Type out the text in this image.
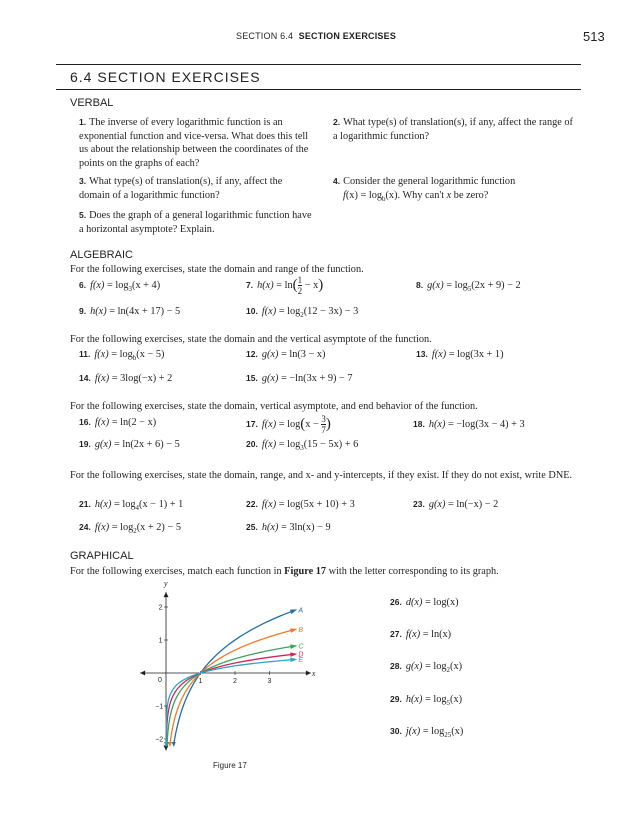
SECTION 6.4 SECTION EXERCISES	513
6.4 SECTION EXERCISES
VERBAL
1. The inverse of every logarithmic function is an exponential function and vice-versa. What does this tell us about the relationship between the coordinates of the points on the graphs of each?
2. What type(s) of translation(s), if any, affect the range of a logarithmic function?
3. What type(s) of translation(s), if any, affect the domain of a logarithmic function?
4. Consider the general logarithmic function
$f(x) = \log_b(x)$. Why can't x be zero?
5. Does the graph of a general logarithmic function have a horizontal asymptote? Explain.
ALGEBRAIC
For the following exercises, state the domain and range of the function.
6. $f(x) = \log_3(x + 4)$	7. $h(x) = \ln( \frac{1}{2} - x)$	8. $g(x) = \log_5(2x + 9) - 2$
9. h(x) = ln(4x + 17) − 5	10. $f(x) = \log_2(12 - 3x) - 3$
For the following exercises, state the domain and the vertical asymptote of the function.
11. $f(x) = \log_b(x - 5)$	12. g(x) = ln(3 − x)	13. f(x) = log(3x + 1)
14. f(x) = 3log(−x) + 2	15. g(x) = −ln(3x + 9) − 7
For the following exercises, state the domain, vertical asymptote, and end behavior of the function.
16. f(x) = ln(2 − x)	17. $f(x) = \log(x - \frac{3}{7}$ )	18. h(x) = −log(3x − 4) + 3
19. g(x) = ln(2x + 6) − 5	20. $f(x) = \log_3(15 - 5x) + 6$
For the following exercises, state the domain, range, and x- and y-intercepts, if they exist. If they do not exist, write DNE.
21. $h(x) = \log_4(x - 1) + 1$	22. f(x) = log(5x + 10) + 3	23. g(x) = ln(−x) − 2
24. $f(x) = \log_2(x + 2) - 5$	25. h(x) = 3ln(x) − 9
GRAPHICAL
For the following exercises, match each function in Figure 17 with the letter corresponding to its graph.
x
y
1	2	3
2
1
−1
−2
0
A
B
C
D
E
Figure 17
26. d(x) = log(x)
27. f(x) = ln(x)
28. $g(x) = \log_2(x)$
29. $h(x) = \log_5(x)$
30. $j(x) = \log_{25}(x)$
